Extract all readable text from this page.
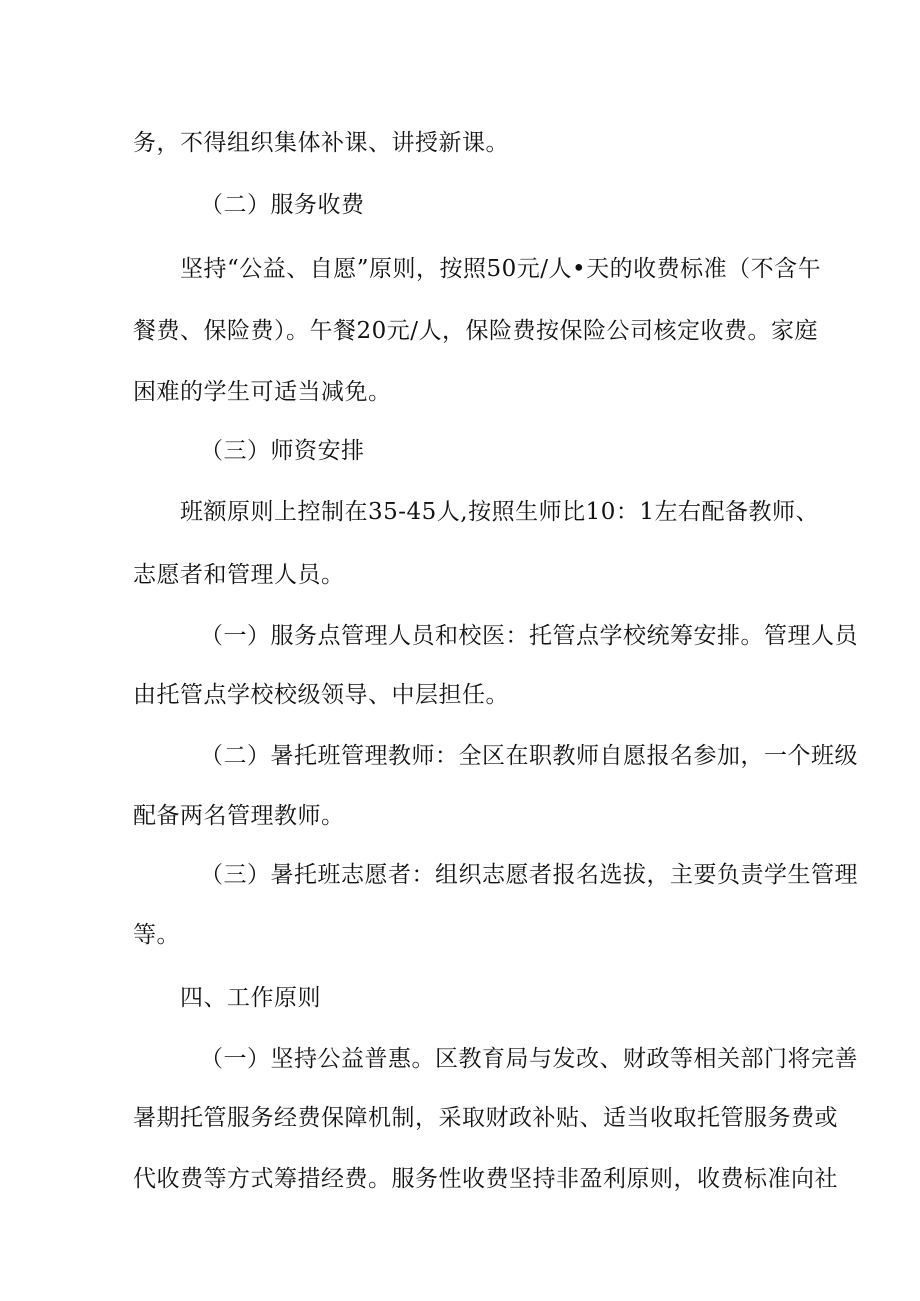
务，不得组织集体补课、讲授新课。
（二）服务收费
坚持“公益、自愿”原则，按照50元/人•天的收费标准（不含午
餐费、保险费）。午餐20元/人，保险费按保险公司核定收费。家庭
困难的学生可适当减免。
（三）师资安排
班额原则上控制在35-45人,按照生师比10：1左右配备教师、
志愿者和管理人员。
（一）服务点管理人员和校医：托管点学校统筹安排。管理人员
由托管点学校校级领导、中层担任。
（二）暑托班管理教师：全区在职教师自愿报名参加，一个班级
配备两名管理教师。
（三）暑托班志愿者：组织志愿者报名选拔，主要负责学生管理
等。
四、工作原则
（一）坚持公益普惠。区教育局与发改、财政等相关部门将完善
暑期托管服务经费保障机制，采取财政补贴、适当收取托管服务费或
代收费等方式筹措经费。服务性收费坚持非盈利原则，收费标准向社
